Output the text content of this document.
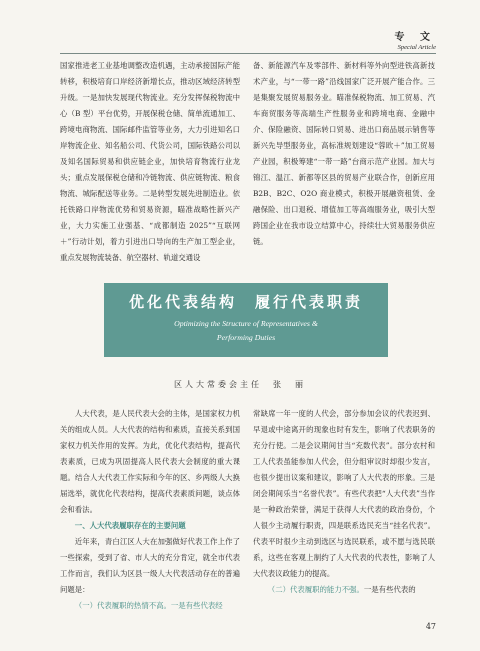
专 文
Special Article

国家推进老工业基地调整改造机遇，主动承接国际产能转移，积极培育口岸经济新增长点，推动区域经济转型升级。一是加快发展现代物流业。充分发挥保税物流中心（B 型）平台优势，开展保税仓储、简单流通加工、跨境电商物流、国际邮件监管等业务，大力引进知名口岸物流企业、知名船公司、代货公司，国际铁路公司以及知名国际贸易和供应链企业，加快培育物流行业龙头；重点发展保税仓储和冷链物流、供应链物流、粮食物流、城际配送等业务。二是转型发展先进制造业。依托铁路口岸物流优势和贸易资源，瞄准战略性新兴产业，大力实施工业强基、“成都制造 2025”“互联网＋”行动计划，着力引进出口导向的生产加工型企业，重点发展物流装备、航空器材、轨道交通设

备、新能源汽车及零部件、新材料等外向型进铁高新技术产业，与“一带一路”沿线国家广泛开展产能合作。三是集聚发展贸易服务业。瞄准保税物流、加工贸易、汽车商贸服务等高端生产性服务业和跨境电商、金融中介、保险融资、国际转口贸易、进出口商品展示销售等新兴先导型服务业，高标准规划建设“蓉欧＋”加工贸易产业园，积极筹建“一带一路”台商示范产业园。加大与锦江、温江、新都等区县的贸易产业联合作，创新应用 B2B、B2C、O2O 商业模式，积极开展融资租赁、金融保险、出口退税、增值加工等高端服务业，吸引大型跨国企业在我市设立结算中心，持续壮大贸易服务供应链。

优化代表结构　履行代表职责
Optimizing the Structure of Representatives &
Performing Duties
区人大常委会主任　张　丽

人大代表，是人民代表大会的主体，是国家权力机关的组成人员。人大代表的结构和素质，直接关系到国家权力机关作用的发挥。为此，优化代表结构，提高代表素质，已成为巩固提高人民代表大会制度的重大课题。结合人大代表工作实际和今年的区、乡两级人大换届选举，就优化代表结构，提高代表素质问题，谈点体会和看法。

一、人大代表履职存在的主要问题

近年来，青白江区人大在加强做好代表工作上作了一些探索，受到了省、市人大的充分肯定，就全市代表工作而言，我们认为区县一级人大代表活动存在的普遍问题是：

（一）代表履职的热情不高。一是有些代表经

常缺席一年一度的人代会，部分参加会议的代表迟到、早退或中途离开的现象也时有发生，影响了代表职务的充分行使。二是会议期间甘当“充数代表”。部分农村和工人代表虽能参加人代会，但分组审议时却很少发言，也很少提出议案和建议，影响了人大代表的形象。三是闭会期间乐当“名誉代表”。有些代表把“人大代表”当作是一种政治荣誉，满足于获得人大代表的政治身份，个人很少主动履行职责，四是联系选民充当“挂名代表”。代表平时很少主动到选区与选民联系，或不愿与选民联系，这些在客观上制约了人大代表的代表性，影响了人大代表议政能力的提高。

（二）代表履职的能力不强。一是有些代表的

47
